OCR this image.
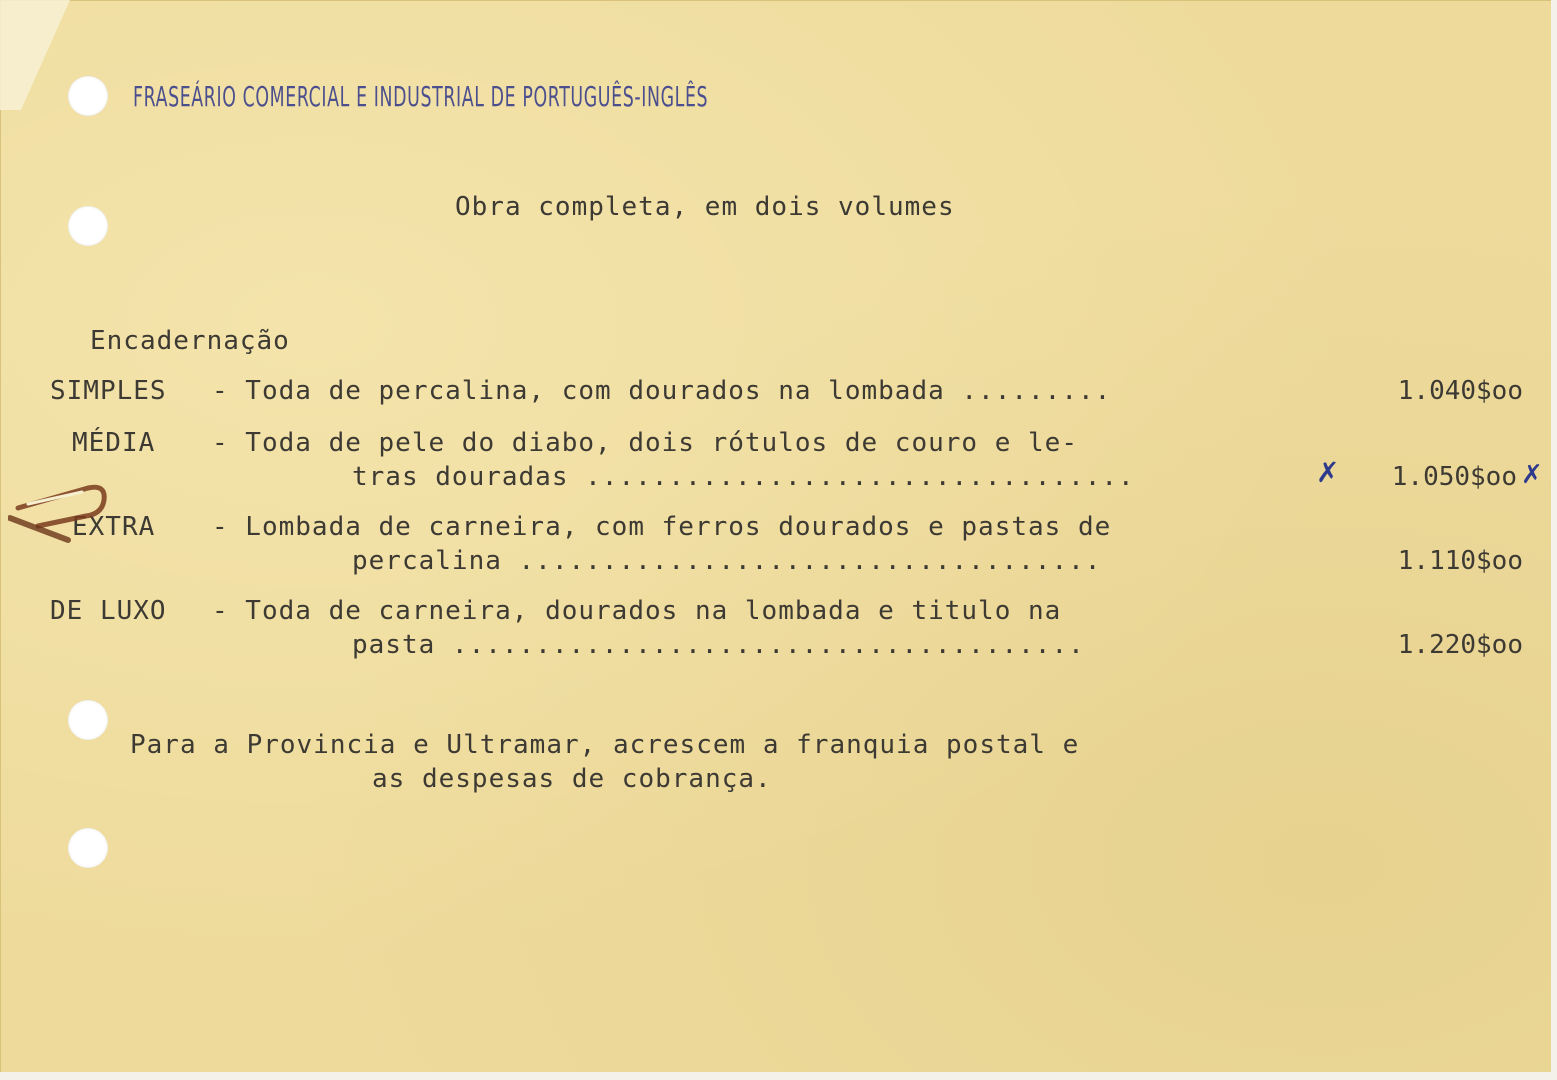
FRASEÁRIO COMERCIAL E INDUSTRIAL DE PORTUGUÊS-INGLÊS
Obra completa, em dois volumes
Encadernação
SIMPLES - Toda de percalina, com dourados na lombada .........	1.040$oo
MÉDIA - Toda de pele do diabo, dois rótulos de couro e le-
tras douradas .................................	1.050$oo
✗	✗
EXTRA - Lombada de carneira, com ferros dourados e pastas de
percalina ...................................	1.110$oo
DE LUXO - Toda de carneira, dourados na lombada e titulo na
pasta ......................................	1.220$oo
Para a Provincia e Ultramar, acrescem a franquia postal e
as despesas de cobrança.
